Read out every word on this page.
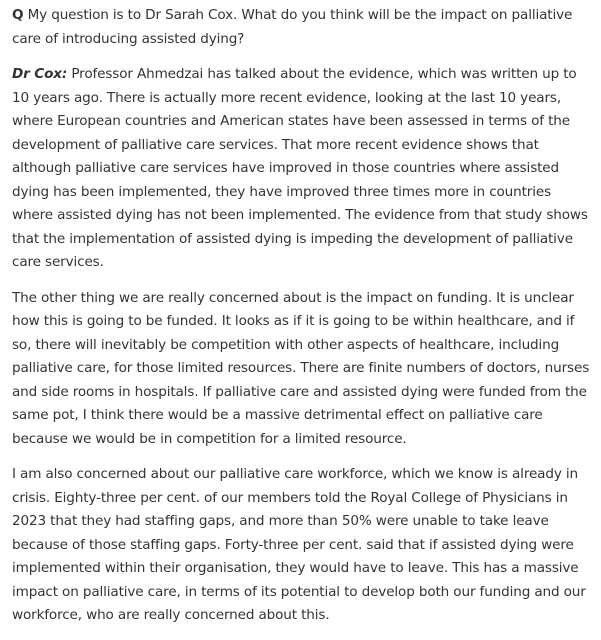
Q My question is to Dr Sarah Cox. What do you think will be the impact on palliative care of introducing assisted dying?

Dr Cox: Professor Ahmedzai has talked about the evidence, which was written up to 10 years ago. There is actually more recent evidence, looking at the last 10 years, where European countries and American states have been assessed in terms of the development of palliative care services. That more recent evidence shows that although palliative care services have improved in those countries where assisted dying has been implemented, they have improved three times more in countries where assisted dying has not been implemented. The evidence from that study shows that the implementation of assisted dying is impeding the development of palliative care services.

The other thing we are really concerned about is the impact on funding. It is unclear how this is going to be funded. It looks as if it is going to be within healthcare, and if so, there will inevitably be competition with other aspects of healthcare, including palliative care, for those limited resources. There are finite numbers of doctors, nurses and side rooms in hospitals. If palliative care and assisted dying were funded from the same pot, I think there would be a massive detrimental effect on palliative care because we would be in competition for a limited resource.

I am also concerned about our palliative care workforce, which we know is already in crisis. Eighty-three per cent. of our members told the Royal College of Physicians in 2023 that they had staffing gaps, and more than 50% were unable to take leave because of those staffing gaps. Forty-three per cent. said that if assisted dying were implemented within their organisation, they would have to leave. This has a massive impact on palliative care, in terms of its potential to develop both our funding and our workforce, who are really concerned about this.
